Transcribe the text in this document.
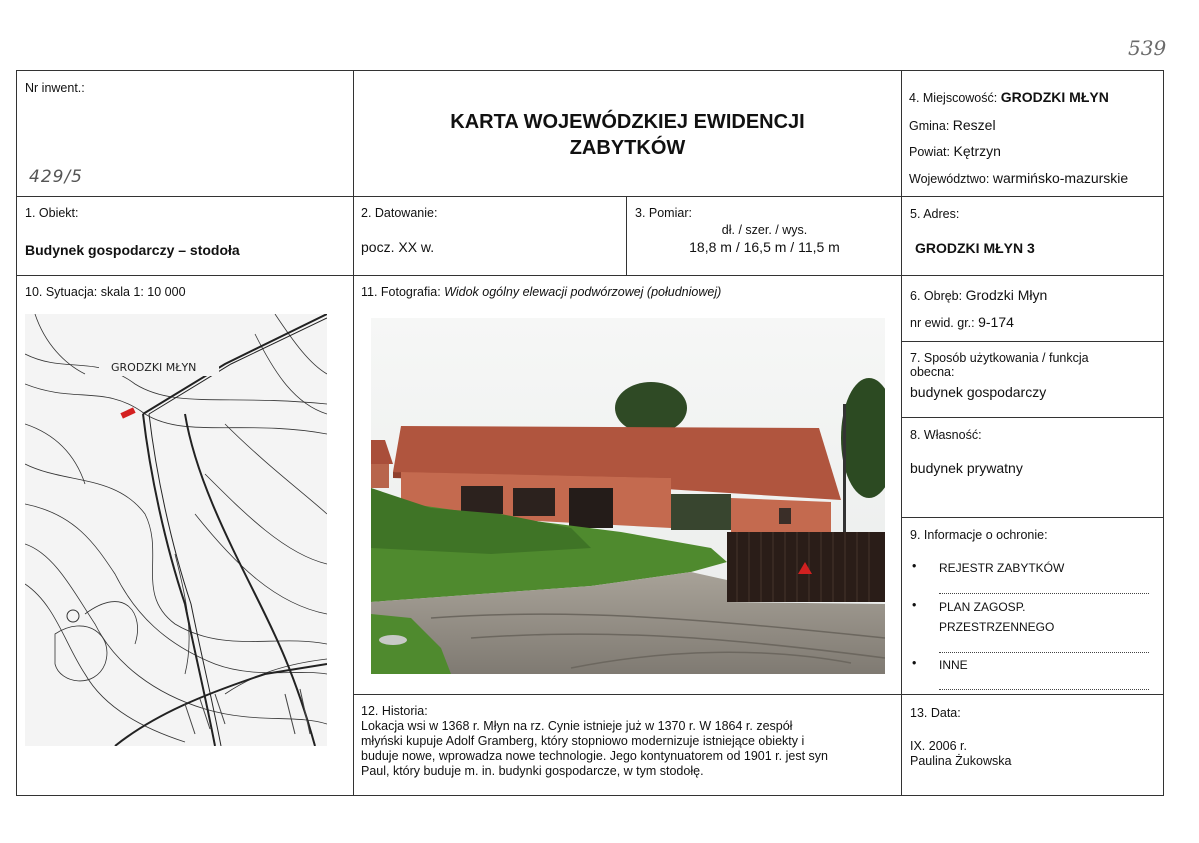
539
Nr inwent.:
429/5
KARTA WOJEWÓDZKIEJ EWIDENCJI
ZABYTKÓW
4. Miejscowość: GRODZKI MŁYN
Gmina: Reszel
Powiat: Kętrzyn
Województwo: warmińsko-mazurskie
1. Obiekt:
Budynek gospodarczy – stodoła
2. Datowanie:
pocz. XX w.
3. Pomiar:
dł. / szer. / wys.
18,8 m / 16,5 m / 11,5 m
5. Adres:
GRODZKI MŁYN 3
10. Sytuacja: skala 1: 10 000
GRODZKI MŁYN
11. Fotografia: Widok ogólny elewacji podwórzowej (południowej)	6. Obręb: Grodzki Młyn
nr ewid. gr.: 9-174
7. Sposób użytkowania / funkcja
obecna:
budynek gospodarczy
8. Własność:
budynek prywatny
9. Informacje o ochronie:
• REJESTR ZABYTKÓW
• PLAN ZAGOSP.
PRZESTRZENNEGO
• INNE
12. Historia:
Lokacja wsi w 1368 r. Młyn na rz. Cynie istnieje już w 1370 r. W 1864 r. zespół
młyński kupuje Adolf Gramberg, który stopniowo modernizuje istniejące obiekty i
buduje nowe, wprowadza nowe technologie. Jego kontynuatorem od 1901 r. jest syn
Paul, który buduje m. in. budynki gospodarcze, w tym stodołę.
13. Data:
IX. 2006 r.
Paulina Żukowska
